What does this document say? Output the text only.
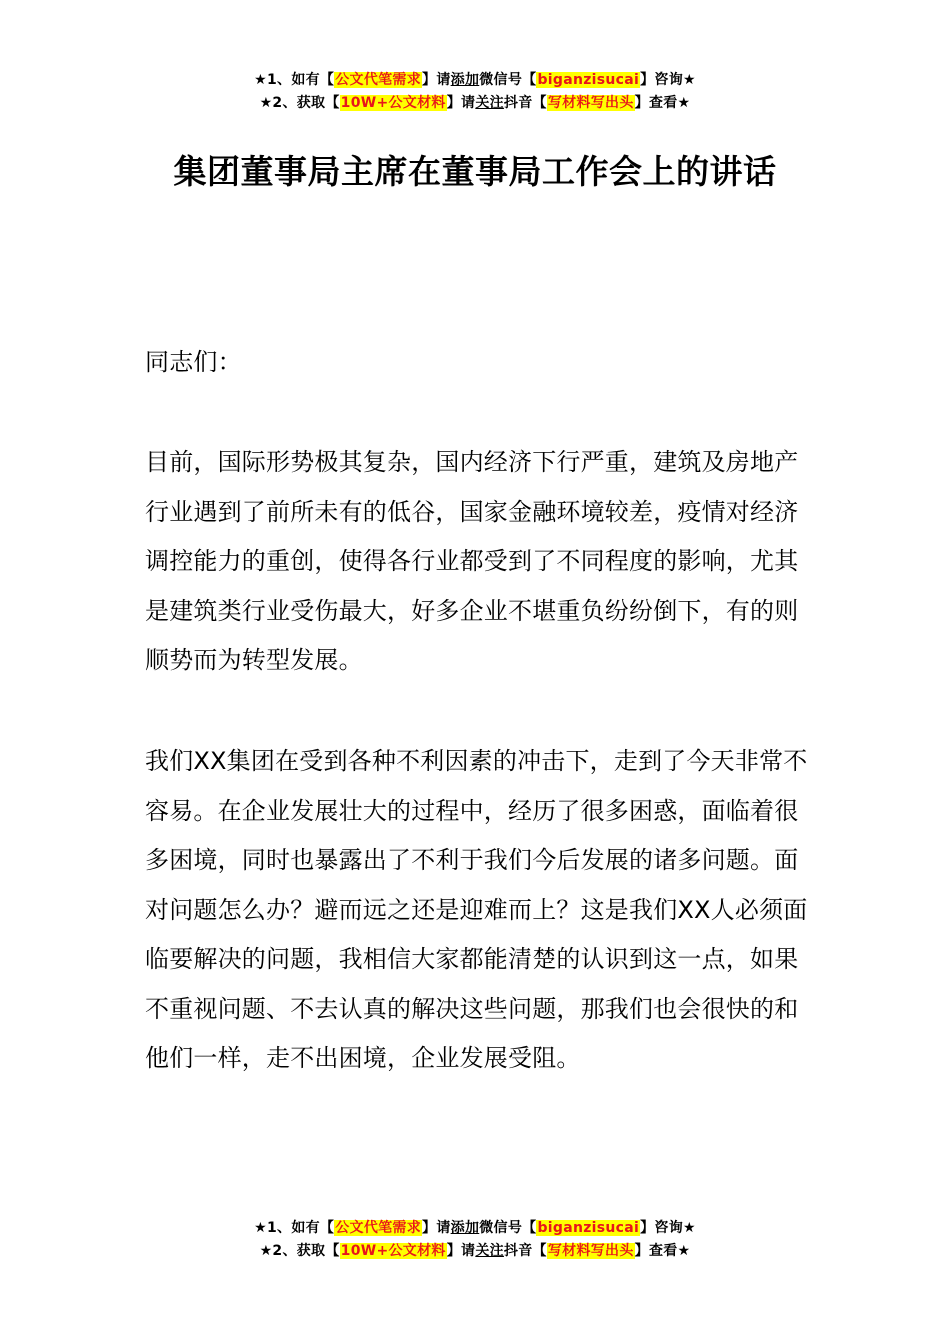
★1、如有【公文代笔需求】请添加微信号【biganzisucai】咨询★
★2、获取【10W+公文材料】请关注抖音【写材料写出头】查看★
集团董事局主席在董事局工作会上的讲话
同志们：

目前，国际形势极其复杂，国内经济下行严重，建筑及房地产行业遇到了前所未有的低谷，国家金融环境较差，疫情对经济调控能力的重创，使得各行业都受到了不同程度的影响，尤其是建筑类行业受伤最大，好多企业不堪重负纷纷倒下，有的则顺势而为转型发展。

我们XX集团在受到各种不利因素的冲击下，走到了今天非常不容易。在企业发展壮大的过程中，经历了很多困惑，面临着很多困境，同时也暴露出了不利于我们今后发展的诸多问题。面对问题怎么办？避而远之还是迎难而上？这是我们XX人必须面临要解决的问题，我相信大家都能清楚的认识到这一点，如果不重视问题、不去认真的解决这些问题，那我们也会很快的和他们一样，走不出困境，企业发展受阻。

★1、如有【公文代笔需求】请添加微信号【biganzisucai】咨询★
★2、获取【10W+公文材料】请关注抖音【写材料写出头】查看★
